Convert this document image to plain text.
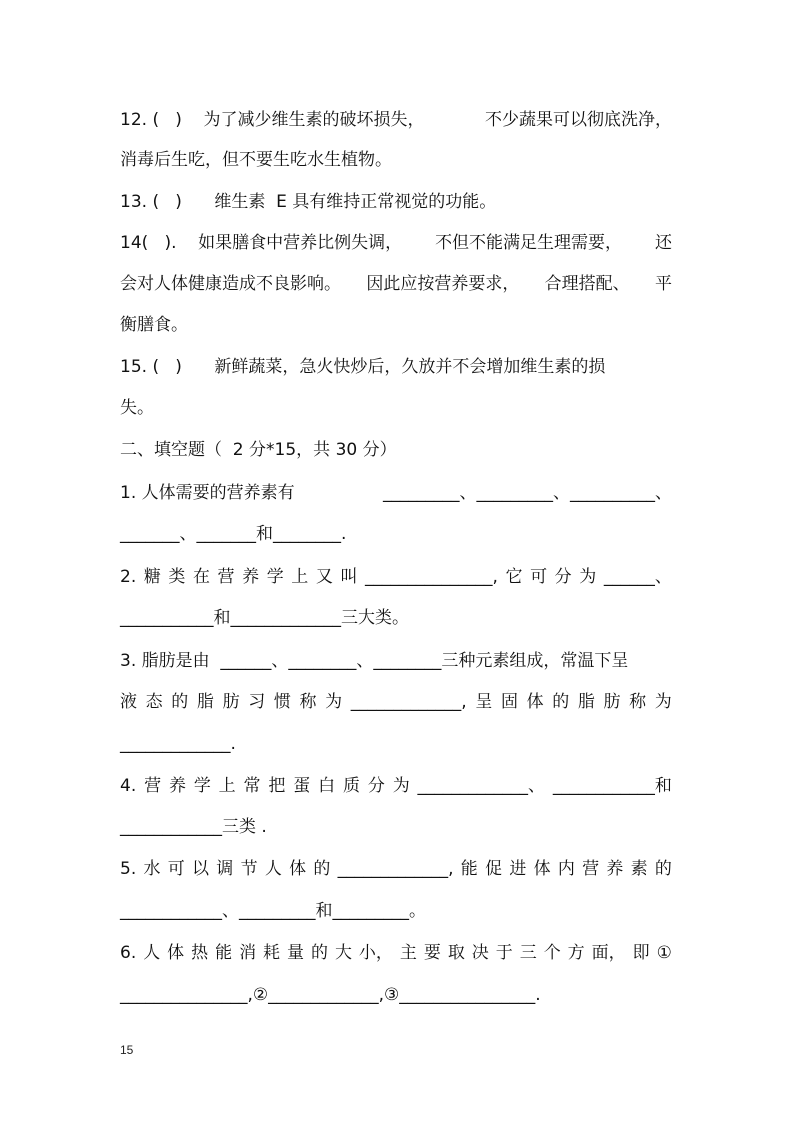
12. (   )    为了减少维生素的破坏损失，	不少蔬果可以彻底洗净，
消毒后生吃，但不要生吃水生植物。
13. (   )      维生素  E 具有维持正常视觉的功能。
14(   ).    如果膳食中营养比例失调， 不但不能满足生理需要， 还
会对人体健康造成不良影响。 因此应按营养要求， 合理搭配、 平
衡膳食。
15. (   )      新鲜蔬菜，急火快炒后，久放并不会增加维生素的损
失。
二、填空题（  2 分*15，共 30 分）
1. 人体需要的营养素有	_________、_________、__________、
_______、_______和________.
2. 糖 类 在 营 养 学 上 又 叫 _______________, 它 可 分 为 ______、
___________和_____________三大类。
3. 脂肪是由  ______、________、________三种元素组成，常温下呈
液 态 的 脂 肪 习 惯 称 为 _____________, 呈 固 体 的 脂 肪 称 为
_____________.
4. 营 养 学 上 常 把 蛋 白 质 分 为 _____________、 ____________和
____________三类 .
5. 水 可 以 调 节 人 体 的 _____________, 能 促 进 体 内 营 养 素 的
____________、_________和_________。
6. 人 体 热 能 消 耗 量 的 大 小， 主 要 取 决 于 三 个 方 面， 即 ①
_______________,②_____________,③________________.
15
